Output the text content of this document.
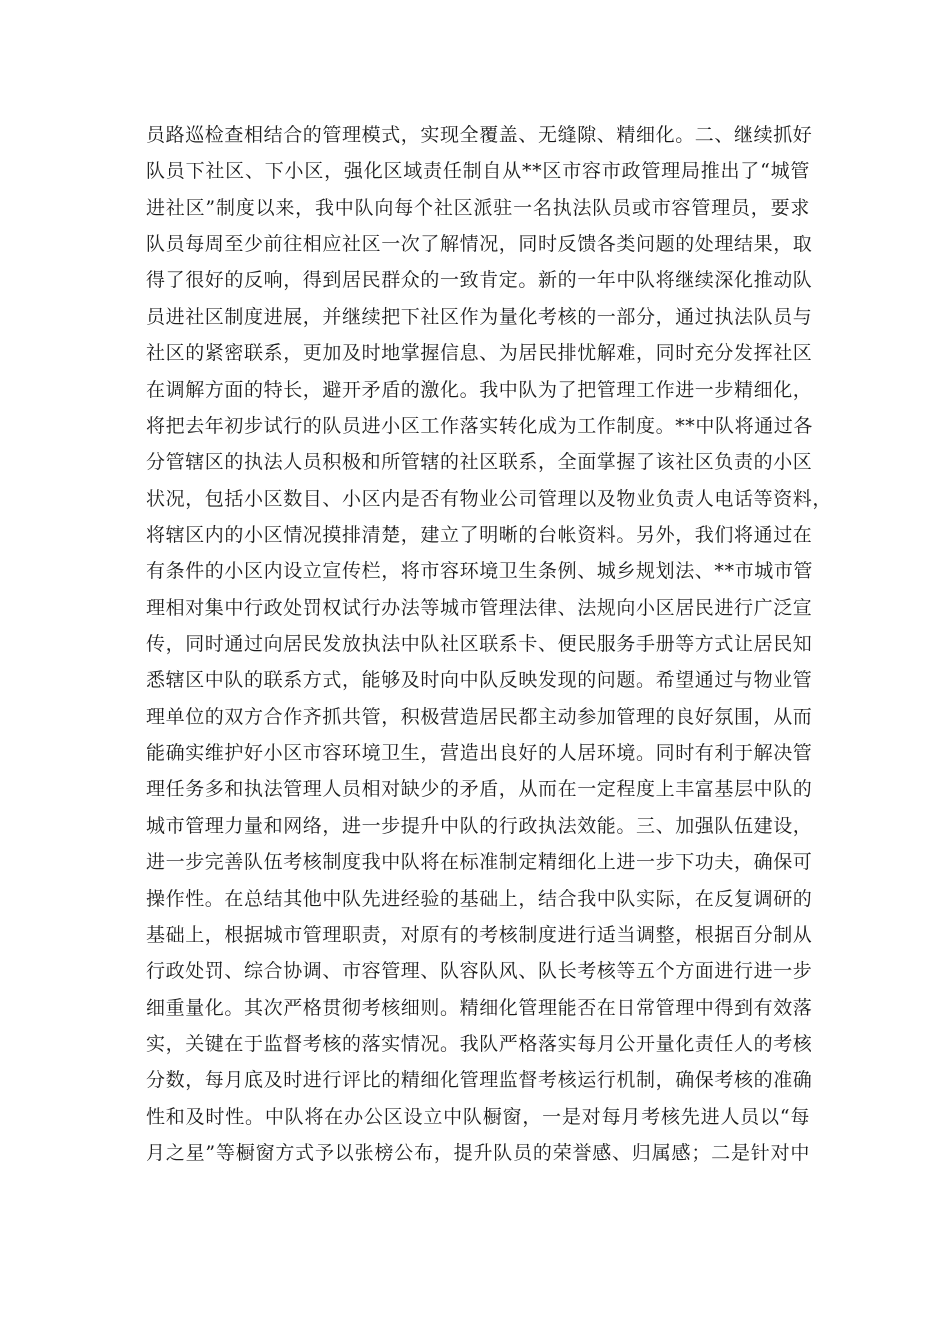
员路巡检查相结合的管理模式，实现全覆盖、无缝隙、精细化。二、继续抓好
队员下社区、下小区，强化区域责任制自从**区市容市政管理局推出了“城管
进社区”制度以来，我中队向每个社区派驻一名执法队员或市容管理员，要求
队员每周至少前往相应社区一次了解情况，同时反馈各类问题的处理结果，取
得了很好的反响，得到居民群众的一致肯定。新的一年中队将继续深化推动队
员进社区制度进展，并继续把下社区作为量化考核的一部分，通过执法队员与
社区的紧密联系，更加及时地掌握信息、为居民排忧解难，同时充分发挥社区
在调解方面的特长，避开矛盾的激化。我中队为了把管理工作进一步精细化，
将把去年初步试行的队员进小区工作落实转化成为工作制度。**中队将通过各
分管辖区的执法人员积极和所管辖的社区联系，全面掌握了该社区负责的小区
状况，包括小区数目、小区内是否有物业公司管理以及物业负责人电话等资料，
将辖区内的小区情况摸排清楚，建立了明晰的台帐资料。另外，我们将通过在
有条件的小区内设立宣传栏，将市容环境卫生条例、城乡规划法、**市城市管
理相对集中行政处罚权试行办法等城市管理法律、法规向小区居民进行广泛宣
传，同时通过向居民发放执法中队社区联系卡、便民服务手册等方式让居民知
悉辖区中队的联系方式，能够及时向中队反映发现的问题。希望通过与物业管
理单位的双方合作齐抓共管，积极营造居民都主动参加管理的良好氛围，从而
能确实维护好小区市容环境卫生，营造出良好的人居环境。同时有利于解决管
理任务多和执法管理人员相对缺少的矛盾，从而在一定程度上丰富基层中队的
城市管理力量和网络，进一步提升中队的行政执法效能。三、加强队伍建设，
进一步完善队伍考核制度我中队将在标准制定精细化上进一步下功夫，确保可
操作性。在总结其他中队先进经验的基础上，结合我中队实际，在反复调研的
基础上，根据城市管理职责，对原有的考核制度进行适当调整，根据百分制从
行政处罚、综合协调、市容管理、队容队风、队长考核等五个方面进行进一步
细重量化。其次严格贯彻考核细则。精细化管理能否在日常管理中得到有效落
实，关键在于监督考核的落实情况。我队严格落实每月公开量化责任人的考核
分数，每月底及时进行评比的精细化管理监督考核运行机制，确保考核的准确
性和及时性。中队将在办公区设立中队橱窗，一是对每月考核先进人员以“每
月之星”等橱窗方式予以张榜公布，提升队员的荣誉感、归属感；二是针对中
